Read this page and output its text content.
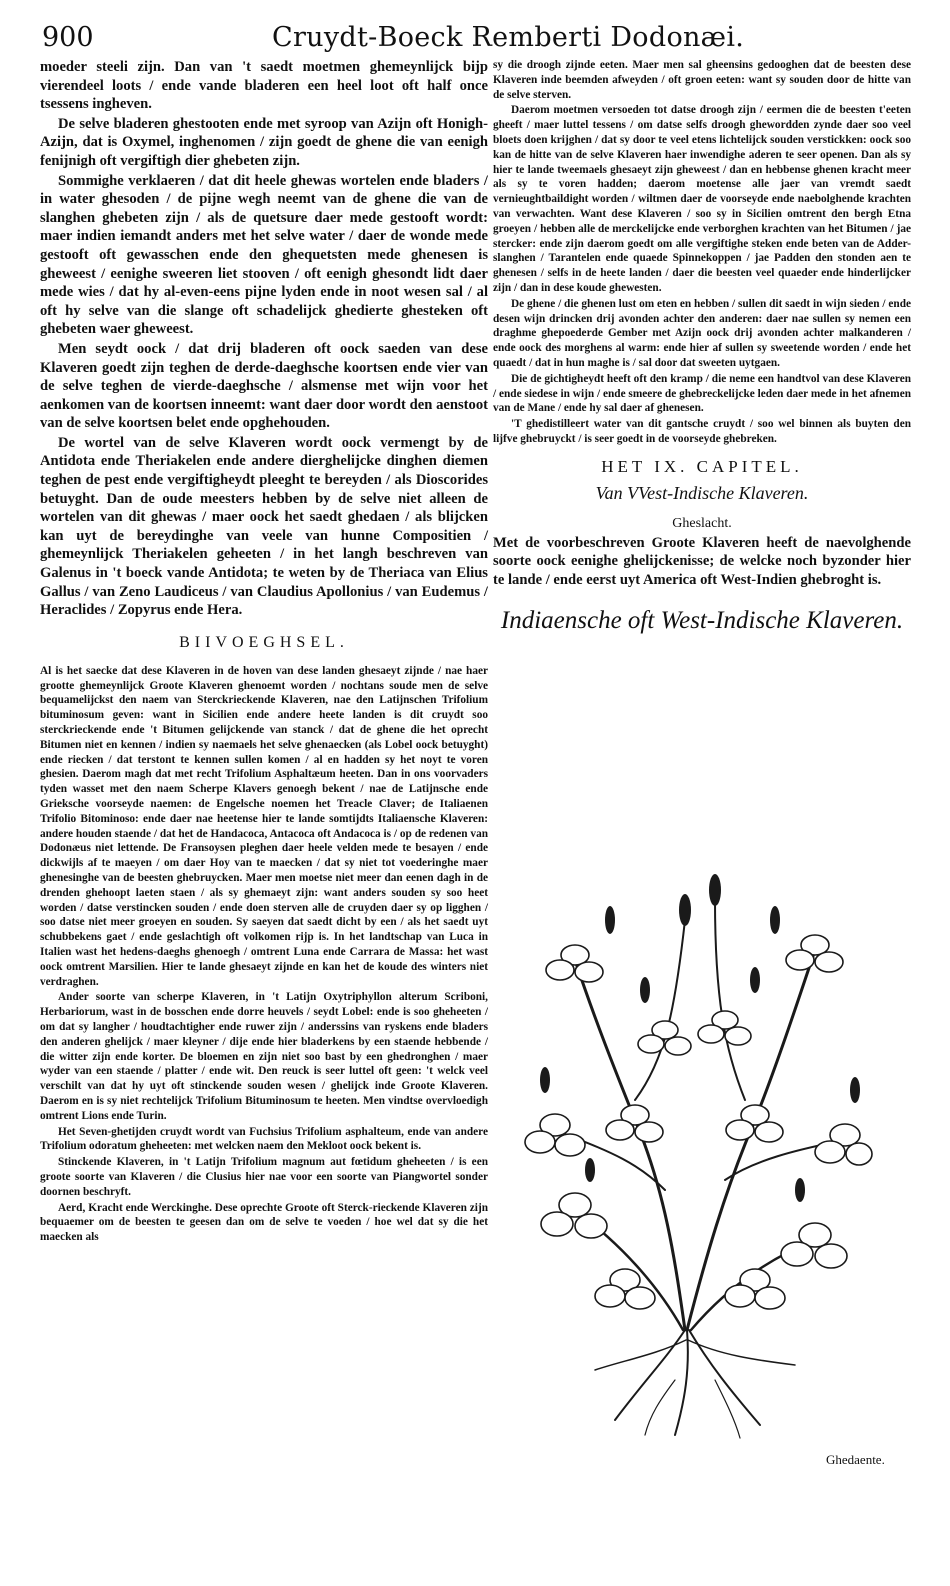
900	Cruydt-Boeck Remberti Dodonæi.

moeder steeli zijn. Dan van 't saedt moetmen ghemeynlijck bijp vierendeel loots / ende vande bladeren een heel loot oft half once tsessens ingheven.

De selve bladeren ghestooten ende met syroop van Azijn oft Honigh-Azijn, dat is Oxymel, inghenomen / zijn goedt de ghene die van eenigh fenijnigh oft vergiftigh dier ghebeten zijn.

Sommighe verklaeren / dat dit heele ghewas wortelen ende bladers / in water ghesoden / de pijne wegh neemt van de ghene die van de slanghen ghebeten zijn / als de quetsure daer mede gestooft wordt: maer indien iemandt anders met het selve water / daer de wonde mede gestooft oft gewasschen ende den ghequetsten mede ghenesen is gheweest / eenighe sweeren liet stooven / oft eenigh ghesondt lidt daer mede wies / dat hy al-even-eens pijne lyden ende in noot wesen sal / al oft hy selve van die slange oft schadelijck ghedierte ghesteken oft ghebeten waer gheweest.

Men seydt oock / dat drij bladeren oft oock saeden van dese Klaveren goedt zijn teghen de derde-daeghsche koortsen ende vier van de selve teghen de vierde-daeghsche / alsmense met wijn voor het aenkomen van de koortsen inneemt: want daer door wordt den aenstoot van de selve koortsen belet ende opghehouden.

De wortel van de selve Klaveren wordt oock vermengt by de Antidota ende Theriakelen ende andere dierghelijcke dinghen diemen teghen de pest ende vergiftigheydt pleeght te bereyden / als Dioscorides betuyght. Dan de oude meesters hebben by de selve niet alleen de wortelen van dit ghewas / maer oock het saedt ghedaen / als blijcken kan uyt de bereydinghe van veele van hunne Compositien / ghemeynlijck Theriakelen geheeten / in het langh beschreven van Galenus in 't boeck vande Antidota; te weten by de Theriaca van Elius Gallus / van Zeno Laudiceus / van Claudius Apollonius / van Eudemus / Heraclides / Zopyrus ende Hera.

BIIVOEGHSEL.

Al is het saecke dat dese Klaveren in de hoven van dese landen ghesaeyt zijnde / nae haer grootte ghemeynlijck Groote Klaveren ghenoemt worden / nochtans soude men de selve bequamelijckst den naem van Sterckrieckende Klaveren, nae den Latijnschen Trifolium bituminosum geven: want in Sicilien ende andere heete landen is dit cruydt soo sterckrieckende ende 't Bitumen gelijckende van stanck / dat de ghene die het oprecht Bitumen niet en kennen / indien sy naemaels het selve ghenaecken (als Lobel oock betuyght) ende riecken / dat terstont te kennen sullen komen / al en hadden sy het noyt te voren ghesien. Daerom magh dat met recht Trifolium Asphaltæum heeten. Dan in ons voorvaders tyden wasset met den naem Scherpe Klavers genoegh bekent / nae de Latijnsche ende Grieksche voorseyde naemen: de Engelsche noemen het Treacle Claver; de Italiaenen Trifolio Bitominoso: ende daer nae heetense hier te lande somtijdts Italiaensche Klaveren: andere houden staende / dat het de Handacoca, Antacoca oft Andacoca is / op de redenen van Dodonæus niet lettende. De Fransoysen pleghen daer heele velden mede te besayen / ende dickwijls af te maeyen / om daer Hoy van te maecken / dat sy niet tot voederinghe maer ghenesinghe van de beesten ghebruycken. Maer men moetse niet meer dan eenen dagh in de drenden ghehoopt laeten staen / als sy ghemaeyt zijn: want anders souden sy soo heet worden / datse verstincken souden / ende doen sterven alle de cruyden daer sy op ligghen / soo datse niet meer groeyen en souden. Sy saeyen dat saedt dicht by een / als het saedt uyt schubbekens gaet / ende geslachtigh oft volkomen rijp is. In het landtschap van Luca in Italien wast het hedens-daeghs ghenoegh / omtrent Luna ende Carrara de Massa: het wast oock omtrent Marsilien. Hier te lande ghesaeyt zijnde en kan het de koude des winters niet verdraghen.

Ander soorte van scherpe Klaveren, in 't Latijn Oxytriphyllon alterum Scriboni, Herbariorum, wast in de bosschen ende dorre heuvels / seydt Lobel: ende is soo gheheeten / om dat sy langher / houdtachtigher ende ruwer zijn / anderssins van ryskens ende bladers den anderen ghelijck / maer kleyner / dije ende hier bladerkens by een staende hebbende / die witter zijn ende korter. De bloemen en zijn niet soo bast by een ghedronghen / maer wyder van een staende / platter / ende wit. Den reuck is seer luttel oft geen: 't welck veel verschilt van dat hy uyt oft stinckende souden wesen / ghelijck inde Groote Klaveren. Daerom en is sy niet rechtelijck Trifolium Bituminosum te heeten. Men vindtse overvloedigh omtrent Lions ende Turin.

Het Seven-ghetijden cruydt wordt van Fuchsius Trifolium asphalteum, ende van andere Trifolium odoratum gheheeten: met welcken naem den Mekloot oock bekent is.

Stinckende Klaveren, in 't Latijn Trifolium magnum aut fœtidum gheheeten / is een groote soorte van Klaveren / die Clusius hier nae voor een soorte van Piangwortel sonder doornen beschryft.

Aerd, Kracht ende Werckinghe. Dese oprechte Groote oft Sterck-rieckende Klaveren zijn bequaemer om de beesten te geesen dan om de selve te voeden / hoe wel dat sy die het maecken als

sy die droogh zijnde eeten. Maer men sal gheensins gedooghen dat de beesten dese Klaveren inde beemden afweyden / oft groen eeten: want sy souden door de hitte van de selve sterven.

Daerom moetmen versoeden tot datse droogh zijn / eermen die de beesten t'eeten gheeft / maer luttel tessens / om datse selfs droogh ghewordden zynde daer soo veel bloets doen krijghen / dat sy door te veel etens lichtelijck souden verstickken: oock soo kan de hitte van de selve Klaveren haer inwendighe aderen te seer openen. Dan als sy hier te lande tweemaels ghesaeyt zijn gheweest / dan en hebbense ghenen kracht meer als sy te voren hadden; daerom moetense alle jaer van vremdt saedt vernieughtbaildight worden / wiltmen daer de voorseyde ende naebolghende krachten van verwachten. Want dese Klaveren / soo sy in Sicilien omtrent den bergh Etna groeyen / hebben alle de merckelijcke ende verborghen krachten van het Bitumen / jae stercker: ende zijn daerom goedt om alle vergiftighe steken ende beten van de Adder-slanghen / Tarantelen ende quaede Spinnekoppen / jae Padden den stonden aen te ghenesen / selfs in de heete landen / daer die beesten veel quaeder ende hinderlijcker zijn / dan in dese koude ghewesten.

De ghene / die ghenen lust om eten en hebben / sullen dit saedt in wijn sieden / ende desen wijn drincken drij avonden achter den anderen: daer nae sullen sy nemen een draghme ghepoederde Gember met Azijn oock drij avonden achter malkanderen / ende oock des morghens al warm: ende hier af sullen sy sweetende worden / ende het quaedt / dat in hun maghe is / sal door dat sweeten uytgaen.

Die de gichtigheydt heeft oft den kramp / die neme een handtvol van dese Klaveren / ende siedese in wijn / ende smeere de ghebreckelijcke leden daer mede in het afnemen van de Mane / ende hy sal daer af ghenesen.

'T ghedistilleert water van dit gantsche cruydt / soo wel binnen als buyten den lijfve ghebruyckt / is seer goedt in de voorseyde ghebreken.

HET IX. CAPITEL.
Van VVest-Indische Klaveren.
Gheslacht.

Met de voorbeschreven Groote Klaveren heeft de naevolghende soorte oock eenighe ghelijckenisse; de welcke noch byzonder hier te lande / ende eerst uyt America oft West-Indien ghebroght is.

Indiaensche oft West-Indische Klaveren.
Ghedaente.
